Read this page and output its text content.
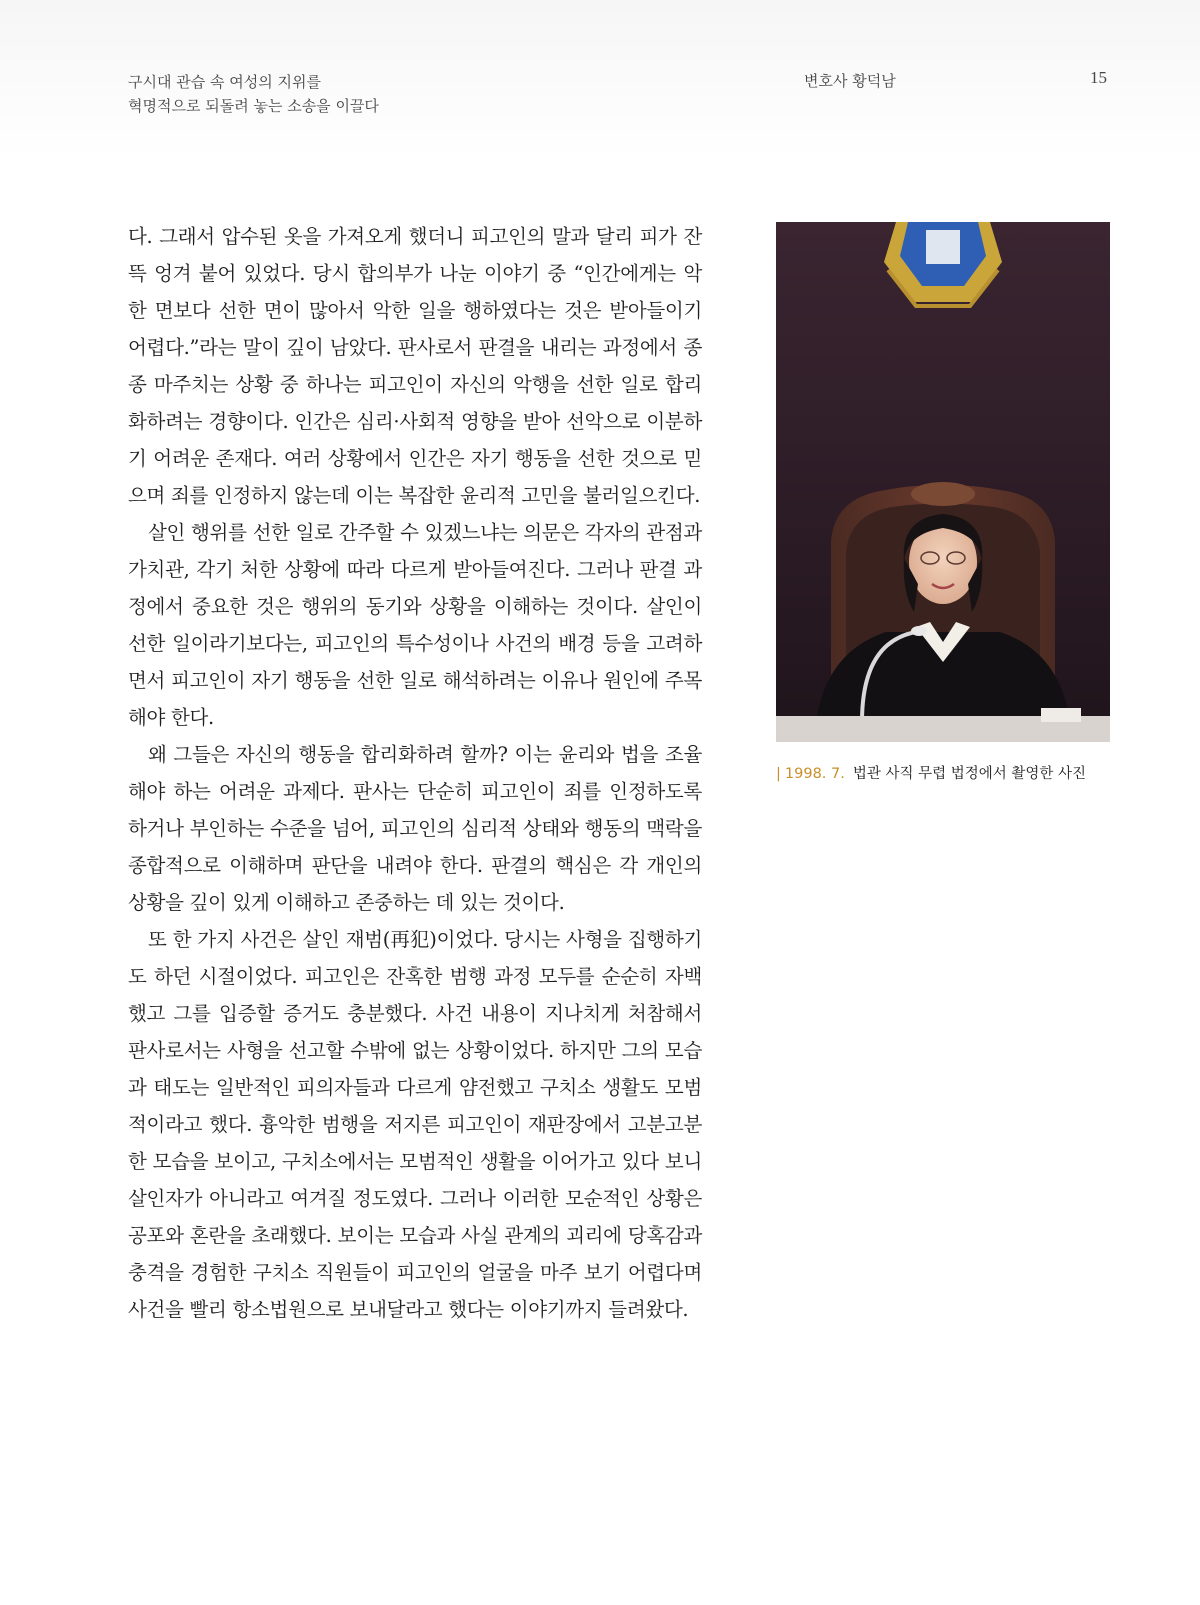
구시대 관습 속 여성의 지위를
혁명적으로 되돌려 놓는 소송을 이끌다
변호사 황덕남	15

다. 그래서 압수된 옷을 가져오게 했더니 피고인의 말과 달리 피가 잔뜩 엉겨 붙어 있었다. 당시 합의부가 나눈 이야기 중 “인간에게는 악한 면보다 선한 면이 많아서 악한 일을 행하였다는 것은 받아들이기 어렵다.”라는 말이 깊이 남았다. 판사로서 판결을 내리는 과정에서 종종 마주치는 상황 중 하나는 피고인이 자신의 악행을 선한 일로 합리화하려는 경향이다. 인간은 심리·사회적 영향을 받아 선악으로 이분하기 어려운 존재다. 여러 상황에서 인간은 자기 행동을 선한 것으로 믿으며 죄를 인정하지 않는데 이는 복잡한 윤리적 고민을 불러일으킨다.

살인 행위를 선한 일로 간주할 수 있겠느냐는 의문은 각자의 관점과 가치관, 각기 처한 상황에 따라 다르게 받아들여진다. 그러나 판결 과정에서 중요한 것은 행위의 동기와 상황을 이해하는 것이다. 살인이 선한 일이라기보다는, 피고인의 특수성이나 사건의 배경 등을 고려하면서 피고인이 자기 행동을 선한 일로 해석하려는 이유나 원인에 주목해야 한다.

왜 그들은 자신의 행동을 합리화하려 할까? 이는 윤리와 법을 조율해야 하는 어려운 과제다. 판사는 단순히 피고인이 죄를 인정하도록 하거나 부인하는 수준을 넘어, 피고인의 심리적 상태와 행동의 맥락을 종합적으로 이해하며 판단을 내려야 한다. 판결의 핵심은 각 개인의 상황을 깊이 있게 이해하고 존중하는 데 있는 것이다.

또 한 가지 사건은 살인 재범(再犯)이었다. 당시는 사형을 집행하기도 하던 시절이었다. 피고인은 잔혹한 범행 과정 모두를 순순히 자백했고 그를 입증할 증거도 충분했다. 사건 내용이 지나치게 처참해서 판사로서는 사형을 선고할 수밖에 없는 상황이었다. 하지만 그의 모습과 태도는 일반적인 피의자들과 다르게 얌전했고 구치소 생활도 모범적이라고 했다. 흉악한 범행을 저지른 피고인이 재판장에서 고분고분한 모습을 보이고, 구치소에서는 모범적인 생활을 이어가고 있다 보니 살인자가 아니라고 여겨질 정도였다. 그러나 이러한 모순적인 상황은 공포와 혼란을 초래했다. 보이는 모습과 사실 관계의 괴리에 당혹감과 충격을 경험한 구치소 직원들이 피고인의 얼굴을 마주 보기 어렵다며 사건을 빨리 항소법원으로 보내달라고 했다는 이야기까지 들려왔다.

| 1998. 7. 법관 사직 무렵 법정에서 촬영한 사진
